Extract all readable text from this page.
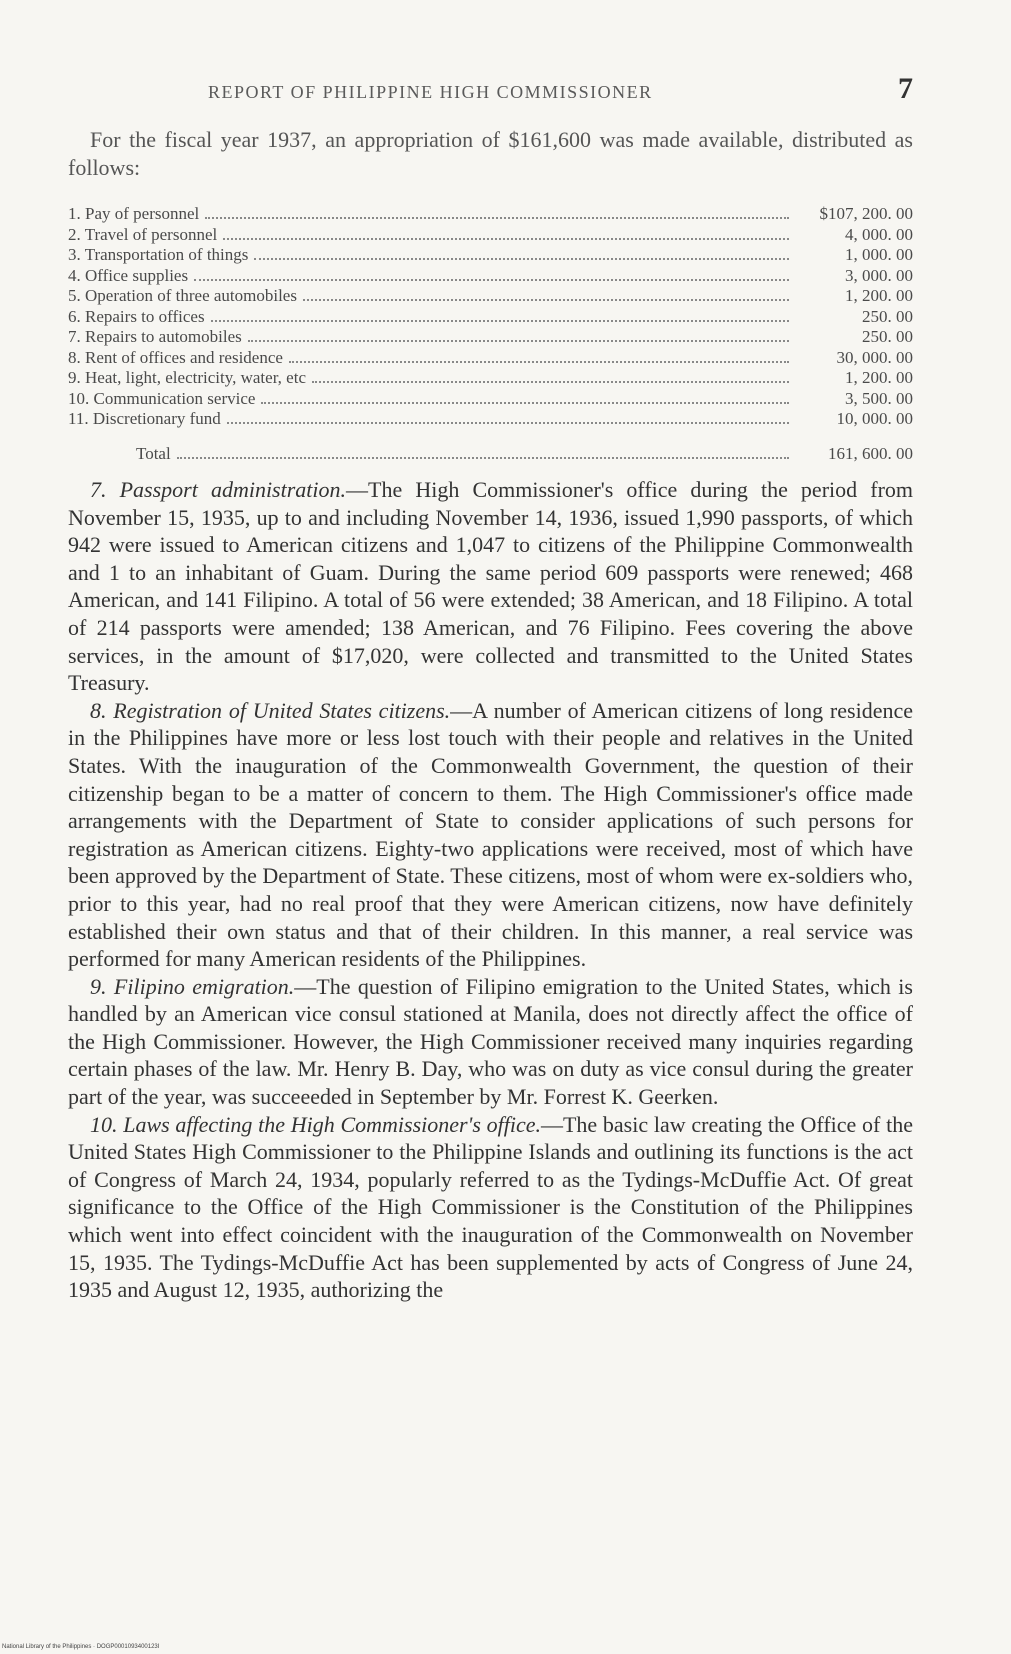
REPORT OF PHILIPPINE HIGH COMMISSIONER	7

For the fiscal year 1937, an appropriation of $161,600 was made available, distributed as follows:

1. Pay of personnel	$107, 200. 00
2. Travel of personnel	4, 000. 00
3. Transportation of things	1, 000. 00
4. Office supplies	3, 000. 00
5. Operation of three automobiles	1, 200. 00
6. Repairs to offices	250. 00
7. Repairs to automobiles	250. 00
8. Rent of offices and residence	30, 000. 00
9. Heat, light, electricity, water, etc	1, 200. 00
10. Communication service	3, 500. 00
11. Discretionary fund	10, 000. 00
Total	161, 600. 00

7. Passport administration.—The High Commissioner's office during the period from November 15, 1935, up to and including November 14, 1936, issued 1,990 passports, of which 942 were issued to American citizens and 1,047 to citizens of the Philippine Commonwealth and 1 to an inhabitant of Guam. During the same period 609 passports were renewed; 468 American, and 141 Filipino. A total of 56 were extended; 38 American, and 18 Filipino. A total of 214 passports were amended; 138 American, and 76 Filipino. Fees covering the above services, in the amount of $17,020, were collected and transmitted to the United States Treasury.

8. Registration of United States citizens.—A number of American citizens of long residence in the Philippines have more or less lost touch with their people and relatives in the United States. With the inauguration of the Commonwealth Government, the question of their citizenship began to be a matter of concern to them. The High Commissioner's office made arrangements with the Department of State to consider applications of such persons for registration as American citizens. Eighty-two applications were received, most of which have been approved by the Department of State. These citizens, most of whom were ex-soldiers who, prior to this year, had no real proof that they were American citizens, now have definitely established their own status and that of their children. In this manner, a real service was performed for many American residents of the Philippines.

9. Filipino emigration.—The question of Filipino emigration to the United States, which is handled by an American vice consul stationed at Manila, does not directly affect the office of the High Commissioner. However, the High Commissioner received many inquiries regarding certain phases of the law. Mr. Henry B. Day, who was on duty as vice consul during the greater part of the year, was succeeeded in September by Mr. Forrest K. Geerken.

10. Laws affecting the High Commissioner's office.—The basic law creating the Office of the United States High Commissioner to the Philippine Islands and outlining its functions is the act of Congress of March 24, 1934, popularly referred to as the Tydings-McDuffie Act. Of great significance to the Office of the High Commissioner is the Constitution of the Philippines which went into effect coincident with the inauguration of the Commonwealth on November 15, 1935. The Tydings-McDuffie Act has been supplemented by acts of Congress of June 24, 1935 and August 12, 1935, authorizing the

National Library of the Philippines · DOGP0001093400123I
